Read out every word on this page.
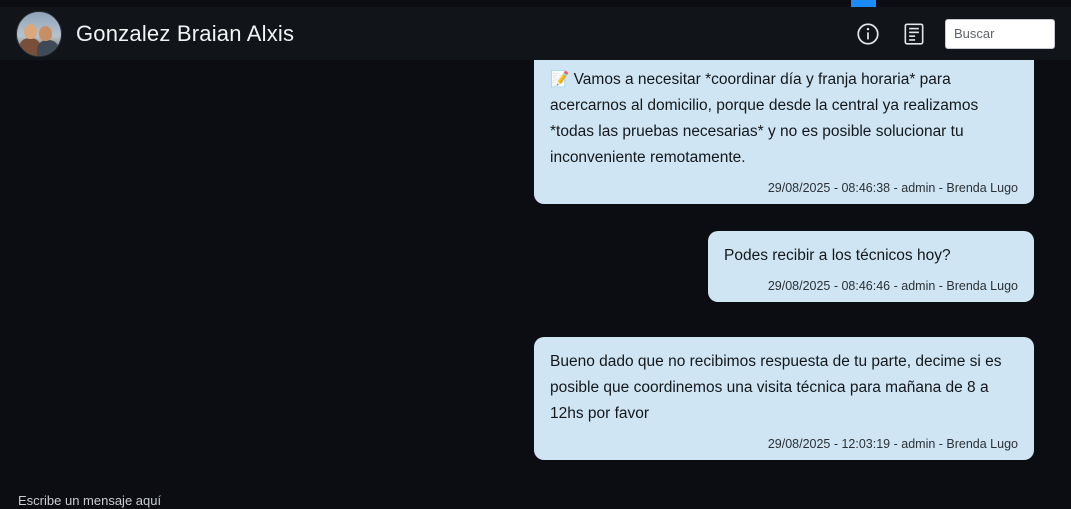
Gonzalez Braian Alxis
Buscar
📝 Vamos a necesitar *coordinar día y franja horaria* para acercarnos al domicilio, porque desde la central ya realizamos *todas las pruebas necesarias* y no es posible solucionar tu inconveniente remotamente.
29/08/2025 - 08:46:38 - admin - Brenda Lugo
Podes recibir a los técnicos hoy?
29/08/2025 - 08:46:46 - admin - Brenda Lugo
Bueno dado que no recibimos respuesta de tu parte, decime si es posible que coordinemos una visita técnica para mañana de 8 a 12hs por favor
29/08/2025 - 12:03:19 - admin - Brenda Lugo
Escribe un mensaje aquí
